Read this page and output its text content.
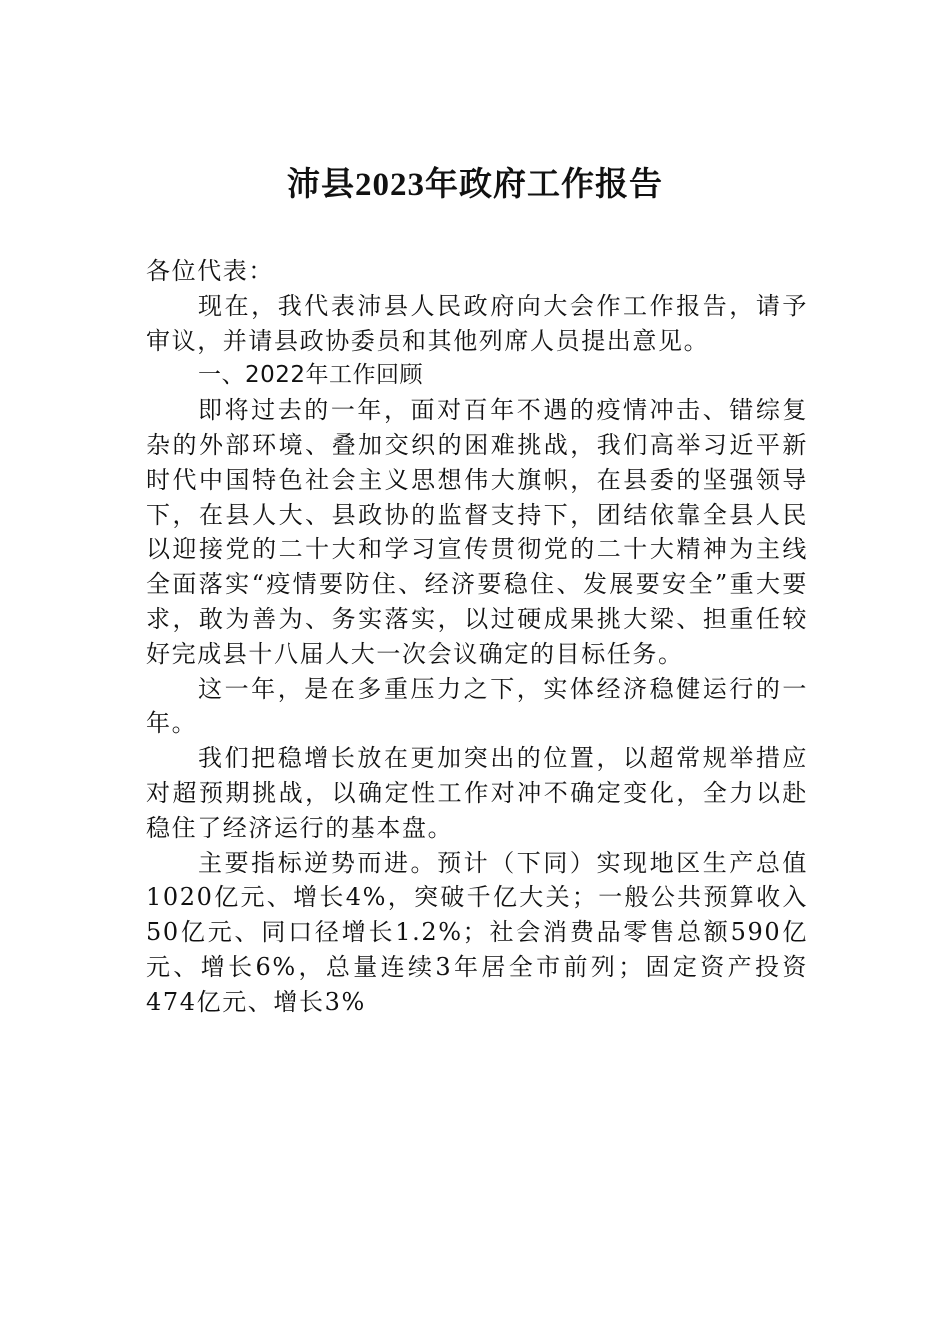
沛县2023年政府工作报告

各位代表：

现在，我代表沛县人民政府向大会作工作报告，请予审议，并请县政协委员和其他列席人员提出意见。

一、2022年工作回顾

即将过去的一年，面对百年不遇的疫情冲击、错综复杂的外部环境、叠加交织的困难挑战，我们高举习近平新时代中国特色社会主义思想伟大旗帜，在县委的坚强领导下，在县人大、县政协的监督支持下，团结依靠全县人民以迎接党的二十大和学习宣传贯彻党的二十大精神为主线全面落实“疫情要防住、经济要稳住、发展要安全”重大要求，敢为善为、务实落实，以过硬成果挑大梁、担重任较好完成县十八届人大一次会议确定的目标任务。

这一年，是在多重压力之下，实体经济稳健运行的一年。

我们把稳增长放在更加突出的位置，以超常规举措应对超预期挑战，以确定性工作对冲不确定变化，全力以赴稳住了经济运行的基本盘。

主要指标逆势而进。预计（下同）实现地区生产总值1020亿元、增长4%，突破千亿大关；一般公共预算收入50亿元、同口径增长1.2%；社会消费品零售总额590亿元、增长6%，总量连续3年居全市前列；固定资产投资474亿元、增长3%
